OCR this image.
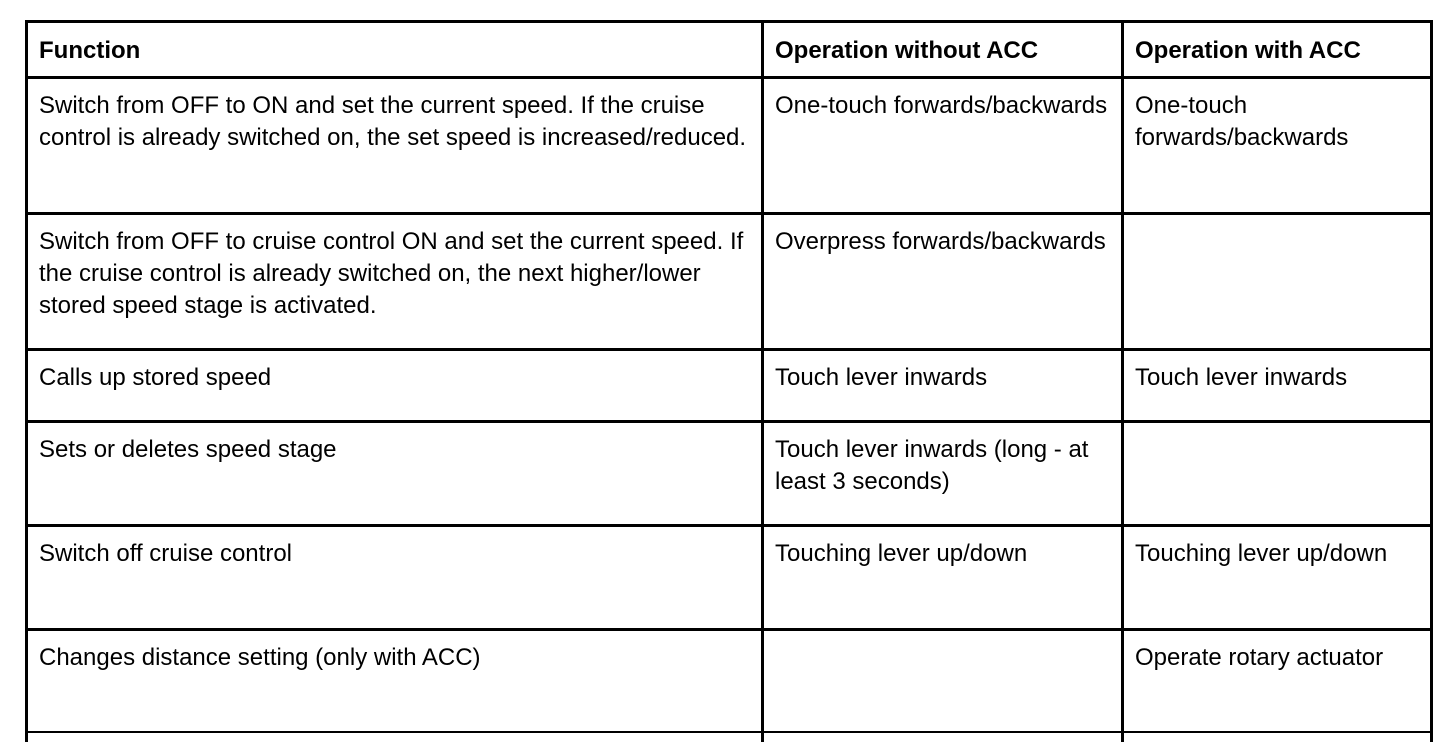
Function	Operation without ACC	Operation with ACC
Switch from OFF to ON and set the current speed. If the cruise control is already switched on, the set speed is increased/reduced.	One-touch forwards/backwards	One-touch forwards/backwards
Switch from OFF to cruise control ON and set the current speed. If the cruise control is already switched on, the next higher/lower stored speed stage is activated.	Overpress forwards/backwards	
Calls up stored speed	Touch lever inwards	Touch lever inwards
Sets or deletes speed stage	Touch lever inwards (long - at least 3 seconds)	
Switch off cruise control	Touching lever up/down	Touching lever up/down
Changes distance setting (only with ACC)		Operate rotary actuator
